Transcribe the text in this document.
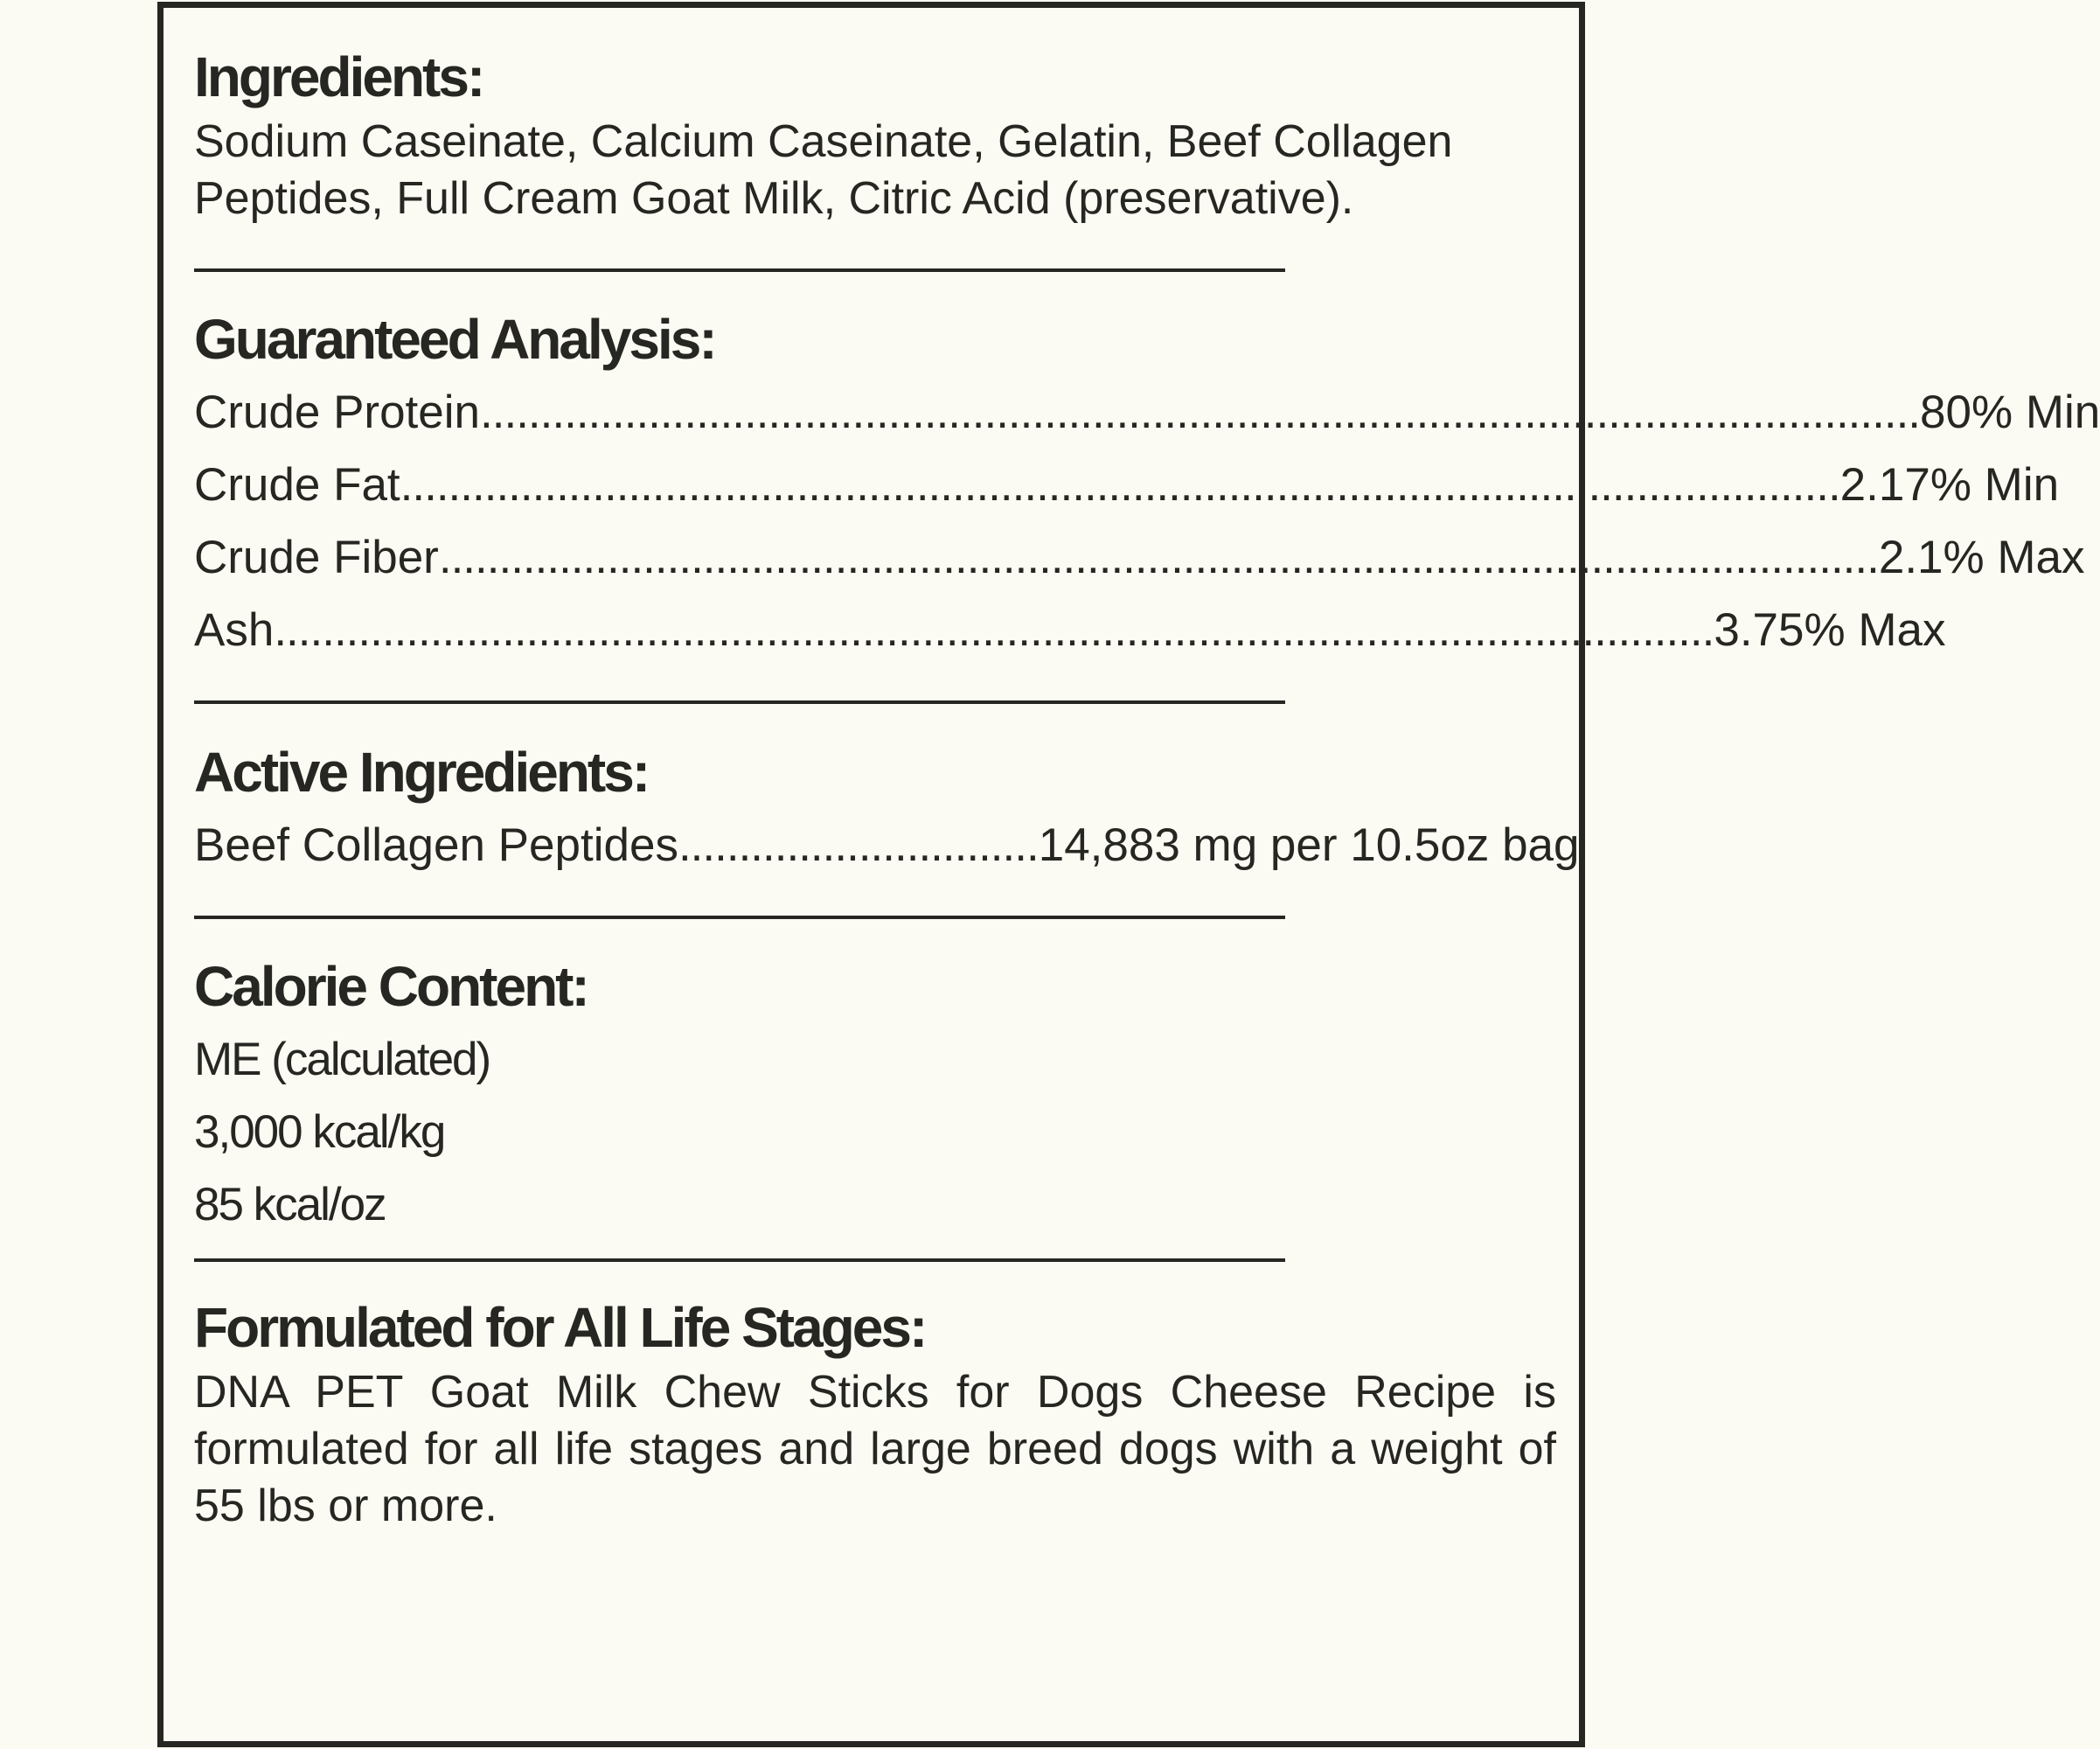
Ingredients:

Sodium Caseinate, Calcium Caseinate, Gelatin, Beef Collagen Peptides, Full Cream Goat Milk, Citric Acid (preservative).

Guaranteed Analysis:
Crude Protein ........................................................................................................................ 80% Min
Crude Fat ........................................................................................................................ 2.17% Min
Crude Fiber ........................................................................................................................ 2.1% Max
Ash ........................................................................................................................ 3.75% Max
Active Ingredients:
Beef Collagen Peptides .............................. 14,883 mg per 10.5oz bag
Calorie Content:

ME (calculated)

3,000 kcal/kg

85 kcal/oz

Formulated for All Life Stages:

DNA PET Goat Milk Chew Sticks for Dogs Cheese Recipe is formulated for all life stages and large breed dogs with a weight of 55 lbs or more.
